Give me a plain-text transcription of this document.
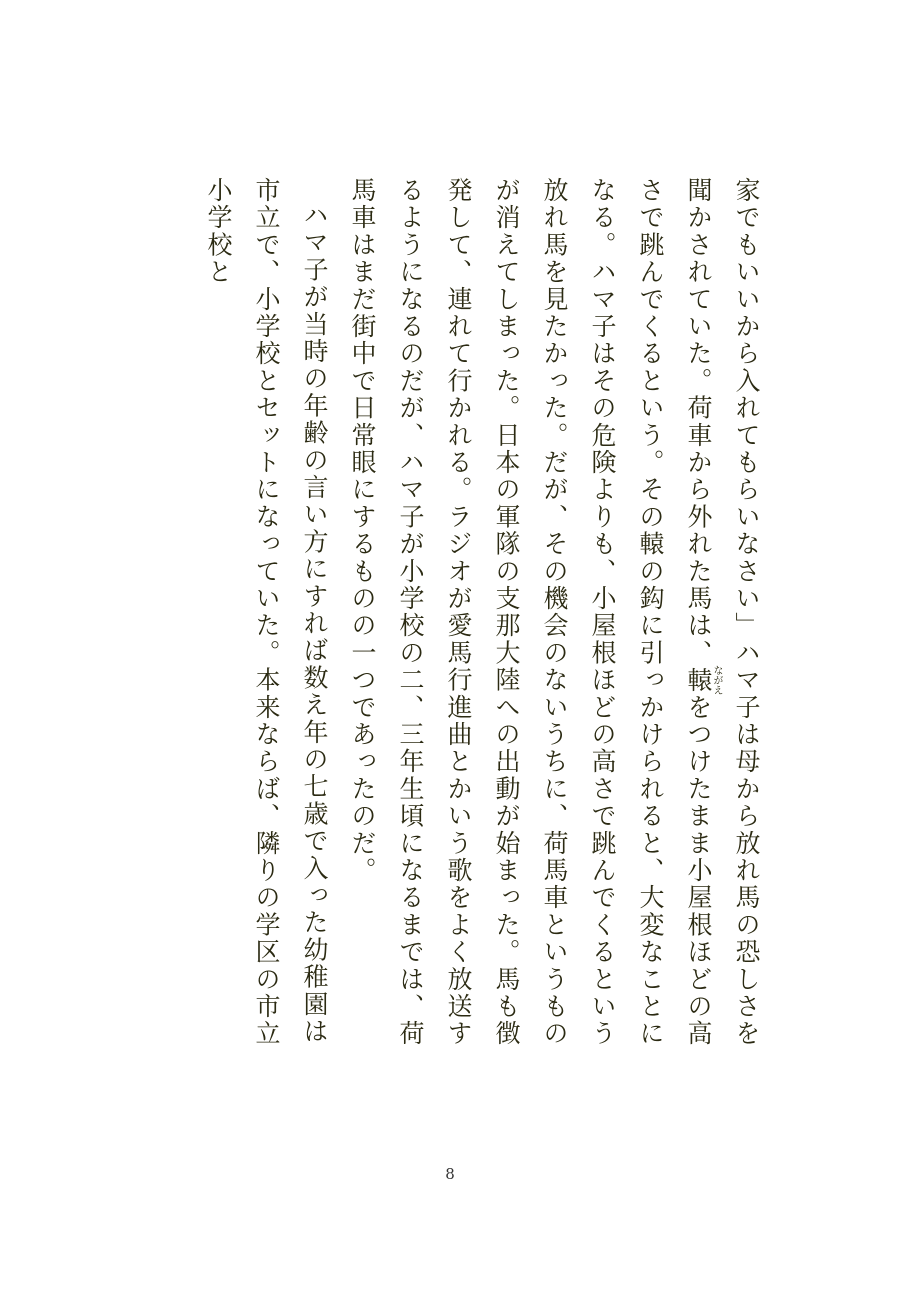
家でもいいから入れてもらいなさい」ハマ子は母から放れ馬の恐しさを聞かされていた。荷車から外れた馬は、轅ながえをつけたまま小屋根ほどの高さで跳んでくるという。その轅の鈎に引っかけられると、大変なことになる。ハマ子はその危険よりも、小屋根ほどの高さで跳んでくるという放れ馬を見たかった。だが、その機会のないうちに、荷馬車というものが消えてしまった。日本の軍隊の支那大陸への出動が始まった。馬も徴発して、連れて行かれる。ラジオが愛馬行進曲とかいう歌をよく放送するようになるのだが、ハマ子が小学校の二、三年生頃になるまでは、荷馬車はまだ街中で日常眼にするものの一つであったのだ。

ハマ子が当時の年齢の言い方にすれば数え年の七歳で入った幼稚園は市立で、小学校とセットになっていた。本来ならば、隣りの学区の市立小学校と

8
